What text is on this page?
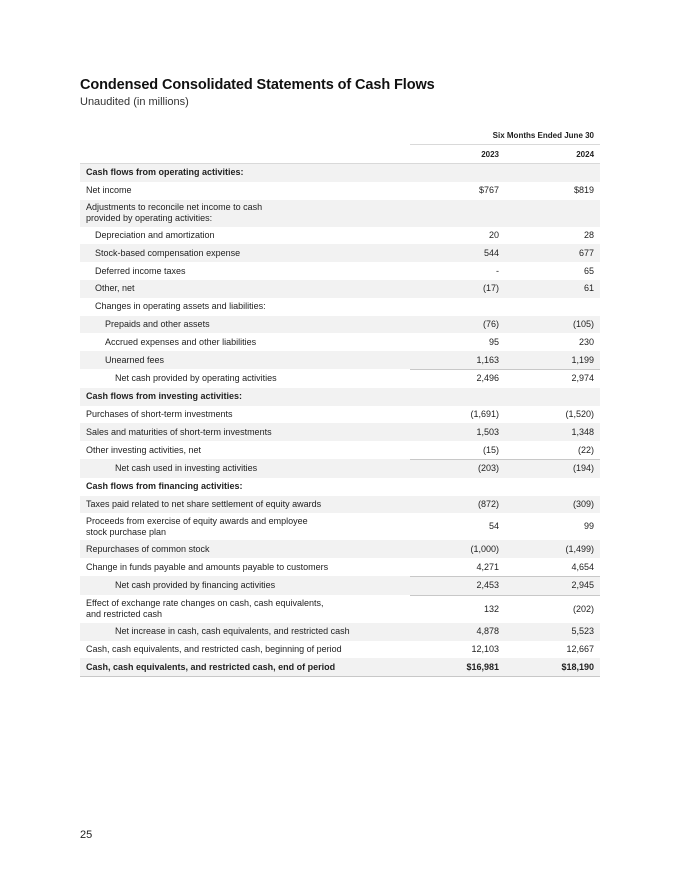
Condensed Consolidated Statements of Cash Flows
Unaudited (in millions)
	Six Months Ended June 30	
	2023	2024
Cash flows from operating activities:		
Net income	$767	$819
Adjustments to reconcile net income to cash
provided by operating activities:		
Depreciation and amortization	20	28
Stock-based compensation expense	544	677
Deferred income taxes	-	65
Other, net	(17)	61
Changes in operating assets and liabilities:		
Prepaids and other assets	(76)	(105)
Accrued expenses and other liabilities	95	230
Unearned fees	1,163	1,199
Net cash provided by operating activities	2,496	2,974
Cash flows from investing activities:		
Purchases of short-term investments	(1,691)	(1,520)
Sales and maturities of short-term investments	1,503	1,348
Other investing activities, net	(15)	(22)
Net cash used in investing activities	(203)	(194)
Cash flows from financing activities:		
Taxes paid related to net share settlement of equity awards	(872)	(309)
Proceeds from exercise of equity awards and employee
stock purchase plan	54	99
Repurchases of common stock	(1,000)	(1,499)
Change in funds payable and amounts payable to customers	4,271	4,654
Net cash provided by financing activities	2,453	2,945
Effect of exchange rate changes on cash, cash equivalents,
and restricted cash	132	(202)
Net increase in cash, cash equivalents, and restricted cash	4,878	5,523
Cash, cash equivalents, and restricted cash, beginning of period	12,103	12,667
Cash, cash equivalents, and restricted cash, end of period	$16,981	$18,190
25
